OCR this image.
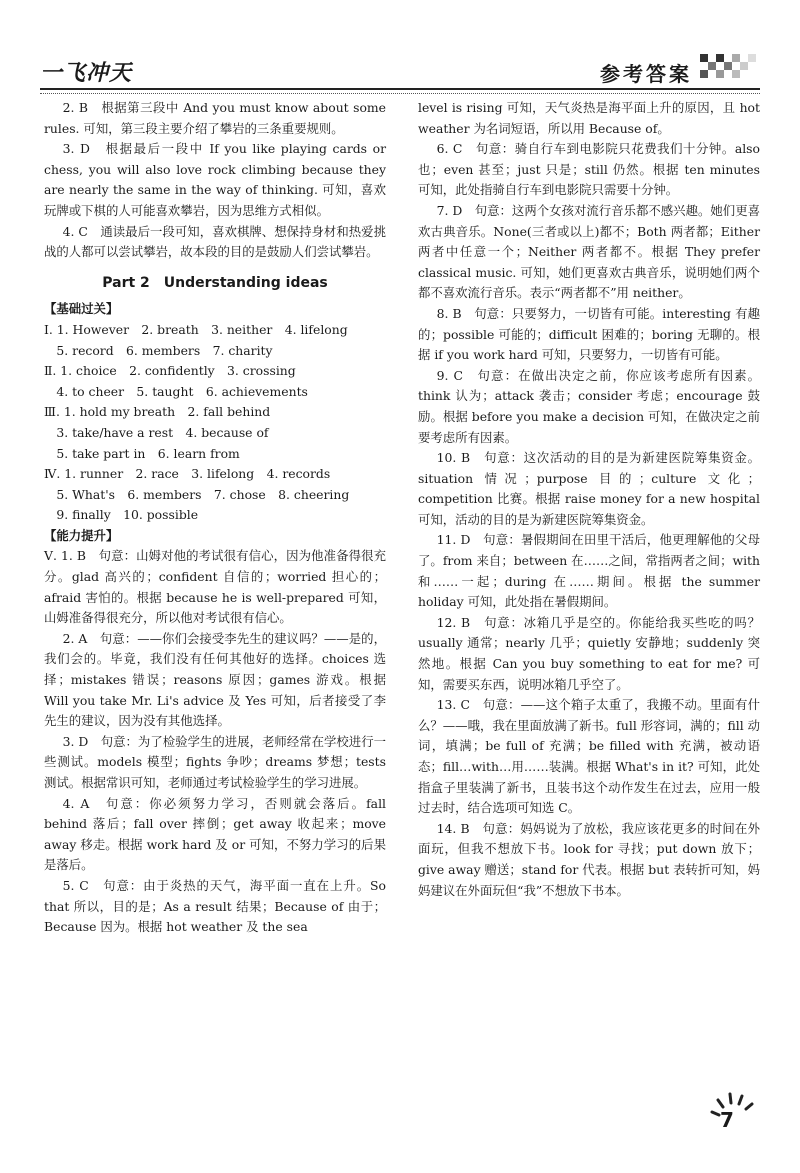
一飞冲天	参考答案

2. B　根据第三段中 And you must know about some rules. 可知，第三段主要介绍了攀岩的三条重要规则。

3. D　根据最后一段中 If you like playing cards or chess, you will also love rock climbing because they are nearly the same in the way of thinking. 可知，喜欢玩牌或下棋的人可能喜欢攀岩，因为思维方式相似。

4. C　通读最后一段可知，喜欢棋牌、想保持身材和热爱挑战的人都可以尝试攀岩，故本段的目的是鼓励人们尝试攀岩。

Part 2　Understanding ideas

【基础过关】

Ⅰ. 1. However　2. breath　3. neither　4. lifelong

　5. record　6. members　7. charity

Ⅱ. 1. choice　2. confidently　3. crossing

　4. to cheer　5. taught　6. achievements

Ⅲ. 1. hold my breath　2. fall behind

　3. take/have a rest　4. because of

　5. take part in　6. learn from

Ⅳ. 1. runner　2. race　3. lifelong　4. records

　5. What's　6. members　7. chose　8. cheering

　9. finally　10. possible

【能力提升】

Ⅴ. 1. B　句意：山姆对他的考试很有信心，因为他准备得很充分。glad 高兴的；confident 自信的；worried 担心的；afraid 害怕的。根据 because he is well-prepared 可知，山姆准备得很充分，所以他对考试很有信心。

2. A　句意：——你们会接受李先生的建议吗？——是的，我们会的。毕竟，我们没有任何其他好的选择。choices 选择；mistakes 错误；reasons 原因；games 游戏。根据 Will you take Mr. Li's advice 及 Yes 可知，后者接受了李先生的建议，因为没有其他选择。

3. D　句意：为了检验学生的进展，老师经常在学校进行一些测试。models 模型；fights 争吵；dreams 梦想；tests 测试。根据常识可知，老师通过考试检验学生的学习进展。

4. A　句意：你必须努力学习，否则就会落后。fall behind 落后；fall over 摔倒；get away 收起来；move away 移走。根据 work hard 及 or 可知，不努力学习的后果是落后。

5. C　句意：由于炎热的天气，海平面一直在上升。So that 所以，目的是；As a result 结果；Because of 由于；Because 因为。根据 hot weather 及 the sea

level is rising 可知，天气炎热是海平面上升的原因，且 hot weather 为名词短语，所以用 Because of。

6. C　句意：骑自行车到电影院只花费我们十分钟。also 也；even 甚至；just 只是；still 仍然。根据 ten minutes 可知，此处指骑自行车到电影院只需要十分钟。

7. D　句意：这两个女孩对流行音乐都不感兴趣。她们更喜欢古典音乐。None(三者或以上)都不；Both 两者都；Either 两者中任意一个；Neither 两者都不。根据 They prefer classical music. 可知，她们更喜欢古典音乐，说明她们两个都不喜欢流行音乐。表示“两者都不”用 neither。

8. B　句意：只要努力，一切皆有可能。interesting 有趣的；possible 可能的；difficult 困难的；boring 无聊的。根据 if you work hard 可知，只要努力，一切皆有可能。

9. C　句意：在做出决定之前，你应该考虑所有因素。think 认为；attack 袭击；consider 考虑；encourage 鼓励。根据 before you make a decision 可知，在做决定之前要考虑所有因素。

10. B　句意：这次活动的目的是为新建医院筹集资金。situation 情况；purpose 目的；culture 文化；competition 比赛。根据 raise money for a new hospital 可知，活动的目的是为新建医院筹集资金。

11. D　句意：暑假期间在田里干活后，他更理解他的父母了。from 来自；between 在……之间，常指两者之间；with 和……一起；during 在……期间。根据 the summer holiday 可知，此处指在暑假期间。

12. B　句意：冰箱几乎是空的。你能给我买些吃的吗？usually 通常；nearly 几乎；quietly 安静地；suddenly 突然地。根据 Can you buy something to eat for me? 可知，需要买东西，说明冰箱几乎空了。

13. C　句意：——这个箱子太重了，我搬不动。里面有什么？——哦，我在里面放满了新书。full 形容词，满的；fill 动词，填满；be full of 充满；be filled with 充满，被动语态；fill…with…用……装满。根据 What's in it? 可知，此处指盒子里装满了新书，且装书这个动作发生在过去，应用一般过去时，结合选项可知选 C。

14. B　句意：妈妈说为了放松，我应该花更多的时间在外面玩，但我不想放下书。look for 寻找；put down 放下；give away 赠送；stand for 代表。根据 but 表转折可知，妈妈建议在外面玩但“我”不想放下书本。

7
